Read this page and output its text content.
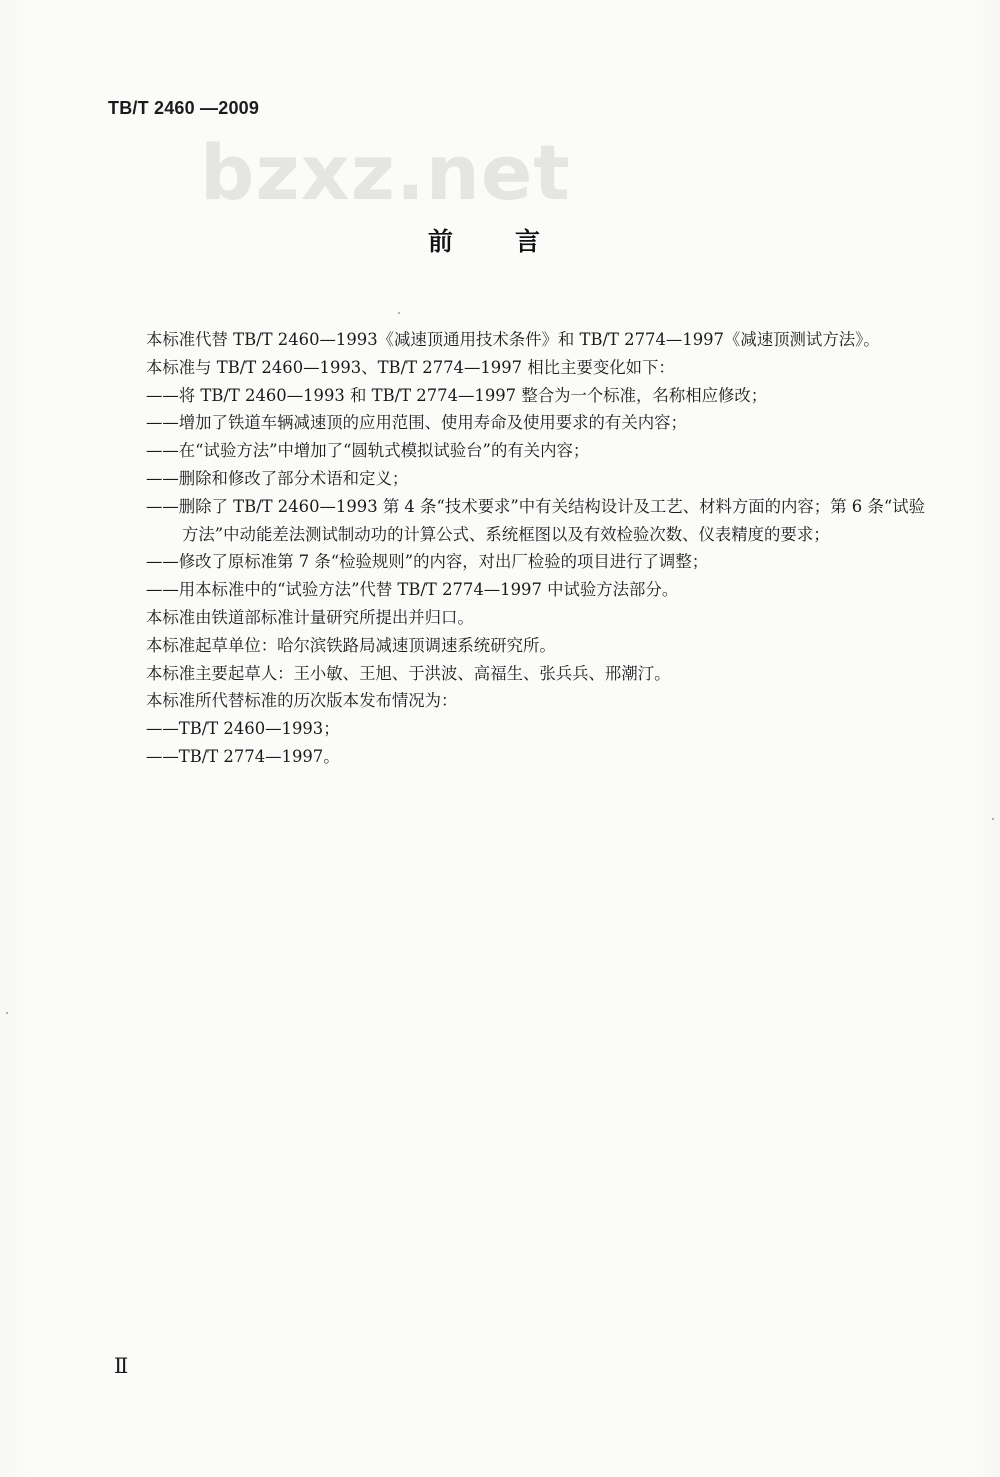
TB/T 2460 —2009
bzxz.net
前言

本标准代替 TB/T 2460—1993《减速顶通用技术条件》和 TB/T 2774—1997《减速顶测试方法》。

本标准与 TB/T 2460—1993、TB/T 2774—1997 相比主要变化如下：

——将 TB/T 2460—1993 和 TB/T 2774—1997 整合为一个标准，名称相应修改；

——增加了铁道车辆减速顶的应用范围、使用寿命及使用要求的有关内容；

——在“试验方法”中增加了“圆轨式模拟试验台”的有关内容；

——删除和修改了部分术语和定义；

——删除了 TB/T 2460—1993 第 4 条“技术要求”中有关结构设计及工艺、材料方面的内容；第 6 条“试验方法”中动能差法测试制动功的计算公式、系统框图以及有效检验次数、仪表精度的要求；

——修改了原标准第 7 条“检验规则”的内容，对出厂检验的项目进行了调整；

——用本标准中的“试验方法”代替 TB/T 2774—1997 中试验方法部分。

本标准由铁道部标准计量研究所提出并归口。

本标准起草单位：哈尔滨铁路局减速顶调速系统研究所。

本标准主要起草人：王小敏、王旭、于洪波、高福生、张兵兵、邢潮汀。

本标准所代替标准的历次版本发布情况为：

——TB/T 2460—1993；

——TB/T 2774—1997。

Ⅱ
